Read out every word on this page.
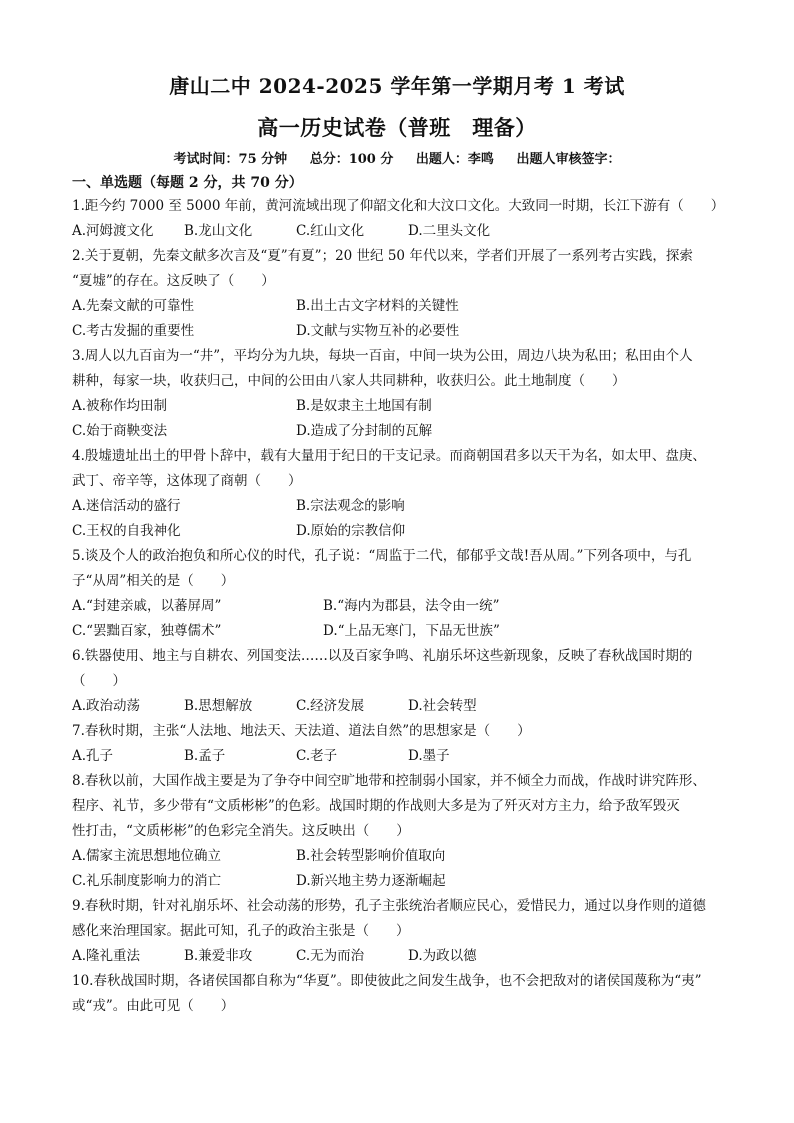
唐山二中 2024-2025 学年第一学期月考 1 考试
高一历史试卷（普班　理备）
考试时间：75 分钟 总分：100 分 出题人：李鸣 出题人审核签字：
一、单选题（每题 2 分，共 70 分）
1.距今约 7000 至 5000 年前，黄河流域出现了仰韶文化和大汶口文化。大致同一时期，长江下游有（　　）
A.河姆渡文化 B.龙山文化	C.红山文化	D.二里头文化
2.关于夏朝，先秦文献多次言及“夏”有夏”；20 世纪 50 年代以来，学者们开展了一系列考古实践，探索
“夏墟”的存在。这反映了（　　）
A.先秦文献的可靠性	B.出土古文字材料的关键性
C.考古发掘的重要性	D.文献与实物互补的必要性
3.周人以九百亩为一“井”，平均分为九块，每块一百亩，中间一块为公田，周边八块为私田；私田由个人
耕种，每家一块，收获归己，中间的公田由八家人共同耕种，收获归公。此土地制度（　　）
A.被称作均田制	B.是奴隶主土地国有制
C.始于商鞅变法	D.造成了分封制的瓦解
4.殷墟遗址出土的甲骨卜辞中，载有大量用于纪日的干支记录。而商朝国君多以天干为名，如太甲、盘庚、
武丁、帝辛等，这体现了商朝（　　）
A.迷信活动的盛行	B.宗法观念的影响
C.王权的自我神化	D.原始的宗教信仰
5.谈及个人的政治抱负和所心仪的时代，孔子说：“周监于二代，郁郁乎文哉!吾从周。”下列各项中，与孔
子“从周”相关的是（　　）
A.“封建亲戚，以蕃屏周”	B.“海内为郡县，法令由一统”
C.“罢黜百家，独尊儒术”	D.“上品无寒门，下品无世族”
6.铁器使用、地主与自耕农、列国变法……以及百家争鸣、礼崩乐坏这些新现象，反映了春秋战国时期的
（　　）
A.政治动荡	B.思想解放	C.经济发展	D.社会转型
7.春秋时期，主张“人法地、地法天、天法道、道法自然”的思想家是（　　）
A.孔子	B.孟子	C.老子	D.墨子
8.春秋以前，大国作战主要是为了争夺中间空旷地带和控制弱小国家，并不倾全力而战，作战时讲究阵形、
程序、礼节，多少带有“文质彬彬”的色彩。战国时期的作战则大多是为了歼灭对方主力，给予敌军毁灭
性打击，“文质彬彬”的色彩完全消失。这反映出（　　）
A.儒家主流思想地位确立	B.社会转型影响价值取向
C.礼乐制度影响力的消亡	D.新兴地主势力逐渐崛起
9.春秋时期，针对礼崩乐坏、社会动荡的形势，孔子主张统治者顺应民心，爱惜民力，通过以身作则的道德
感化来治理国家。据此可知，孔子的政治主张是（　　）
A.隆礼重法	B.兼爱非攻	C.无为而治	D.为政以德
10.春秋战国时期，各诸侯国都自称为“华夏”。即使彼此之间发生战争，也不会把敌对的诸侯国蔑称为“夷”
或“戎”。由此可见（　　）
